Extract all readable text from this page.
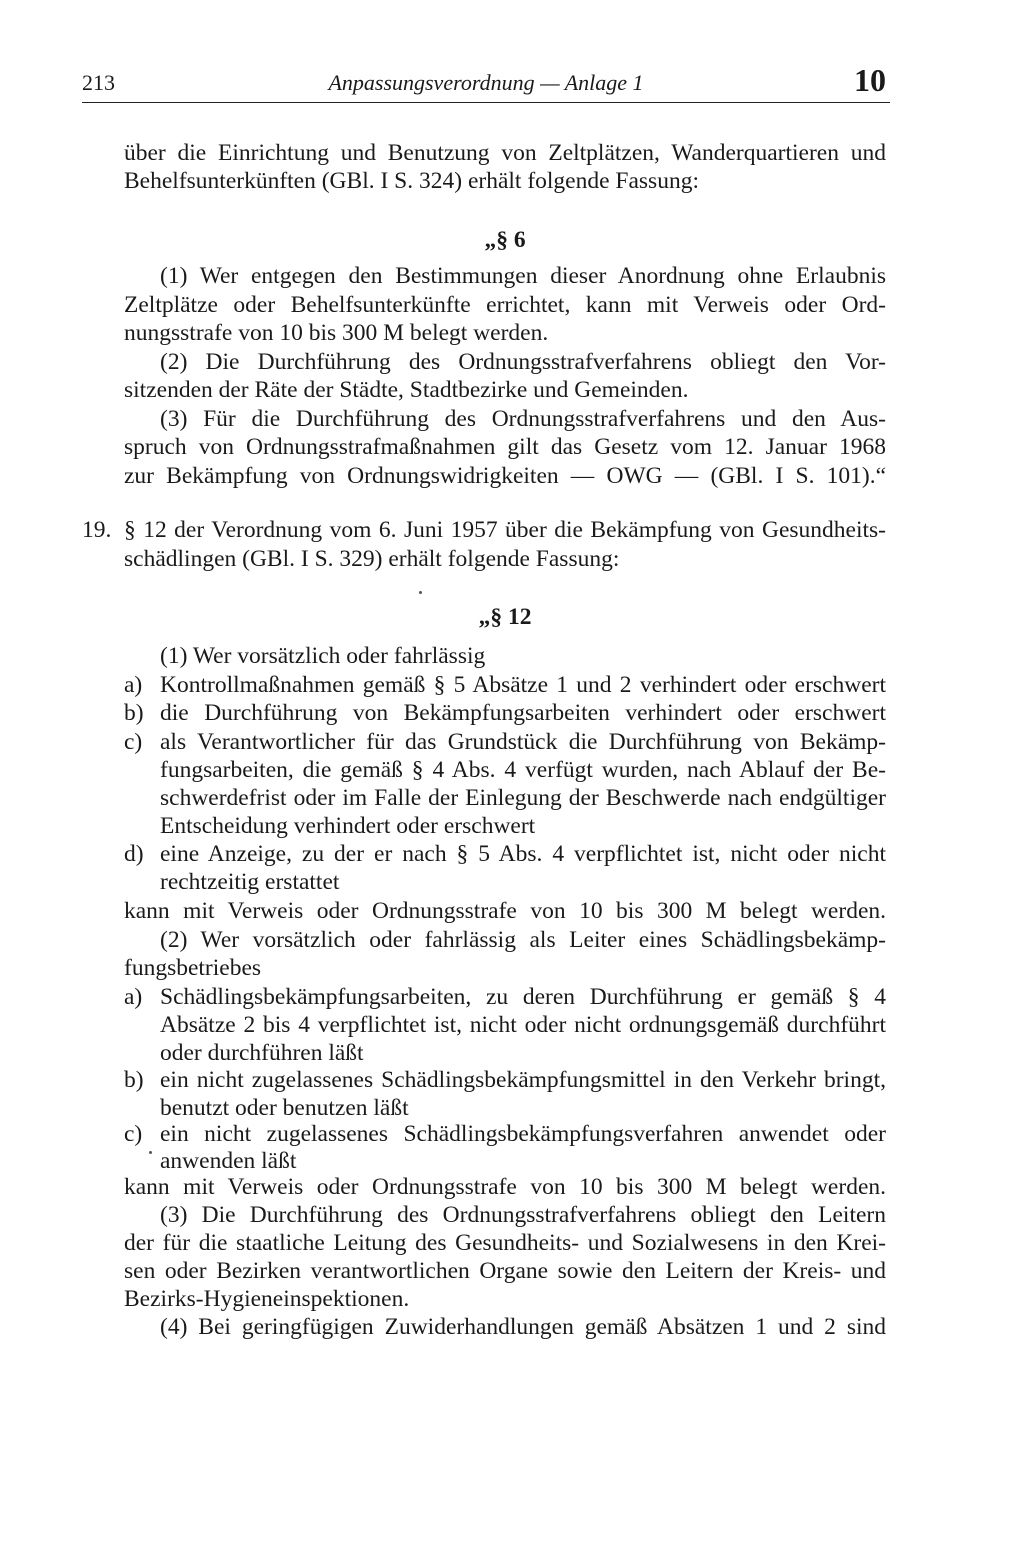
213	Anpassungsverordnung — Anlage 1	10
über die Einrichtung und Benutzung von Zeltplätzen, Wanderquartieren und
Behelfsunterkünften (GBl. I S. 324) erhält folgende Fassung:
„§ 6
(1) Wer entgegen den Bestimmungen dieser Anordnung ohne Erlaubnis
Zeltplätze oder Behelfsunterkünfte errichtet, kann mit Verweis oder Ord-
nungsstrafe von 10 bis 300 M belegt werden.
(2) Die Durchführung des Ordnungsstrafverfahrens obliegt den Vor-
sitzenden der Räte der Städte, Stadtbezirke und Gemeinden.
(3) Für die Durchführung des Ordnungsstrafverfahrens und den Aus-
spruch von Ordnungsstrafmaßnahmen gilt das Gesetz vom 12. Januar 1968
zur Bekämpfung von Ordnungswidrigkeiten — OWG — (GBl. I S. 101).“
19. § 12 der Verordnung vom 6. Juni 1957 über die Bekämpfung von Gesundheits-
schädlingen (GBl. I S. 329) erhält folgende Fassung:
„§ 12
(1) Wer vorsätzlich oder fahrlässig
a) Kontrollmaßnahmen gemäß § 5 Absätze 1 und 2 verhindert oder erschwert
b) die Durchführung von Bekämpfungsarbeiten verhindert oder erschwert
c) als Verantwortlicher für das Grundstück die Durchführung von Bekämp-
fungsarbeiten, die gemäß § 4 Abs. 4 verfügt wurden, nach Ablauf der Be-
schwerdefrist oder im Falle der Einlegung der Beschwerde nach endgültiger
Entscheidung verhindert oder erschwert
d) eine Anzeige, zu der er nach § 5 Abs. 4 verpflichtet ist, nicht oder nicht
rechtzeitig erstattet
kann mit Verweis oder Ordnungsstrafe von 10 bis 300 M belegt werden.
(2) Wer vorsätzlich oder fahrlässig als Leiter eines Schädlingsbekämp-
fungsbetriebes
a) Schädlingsbekämpfungsarbeiten, zu deren Durchführung er gemäß § 4
Absätze 2 bis 4 verpflichtet ist, nicht oder nicht ordnungsgemäß durchführt
oder durchführen läßt
b) ein nicht zugelassenes Schädlingsbekämpfungsmittel in den Verkehr bringt,
benutzt oder benutzen läßt
c) ein nicht zugelassenes Schädlingsbekämpfungsverfahren anwendet oder
anwenden läßt
kann mit Verweis oder Ordnungsstrafe von 10 bis 300 M belegt werden.
(3) Die Durchführung des Ordnungsstrafverfahrens obliegt den Leitern
der für die staatliche Leitung des Gesundheits- und Sozialwesens in den Krei-
sen oder Bezirken verantwortlichen Organe sowie den Leitern der Kreis- und
Bezirks-Hygieneinspektionen.
(4) Bei geringfügigen Zuwiderhandlungen gemäß Absätzen 1 und 2 sind
